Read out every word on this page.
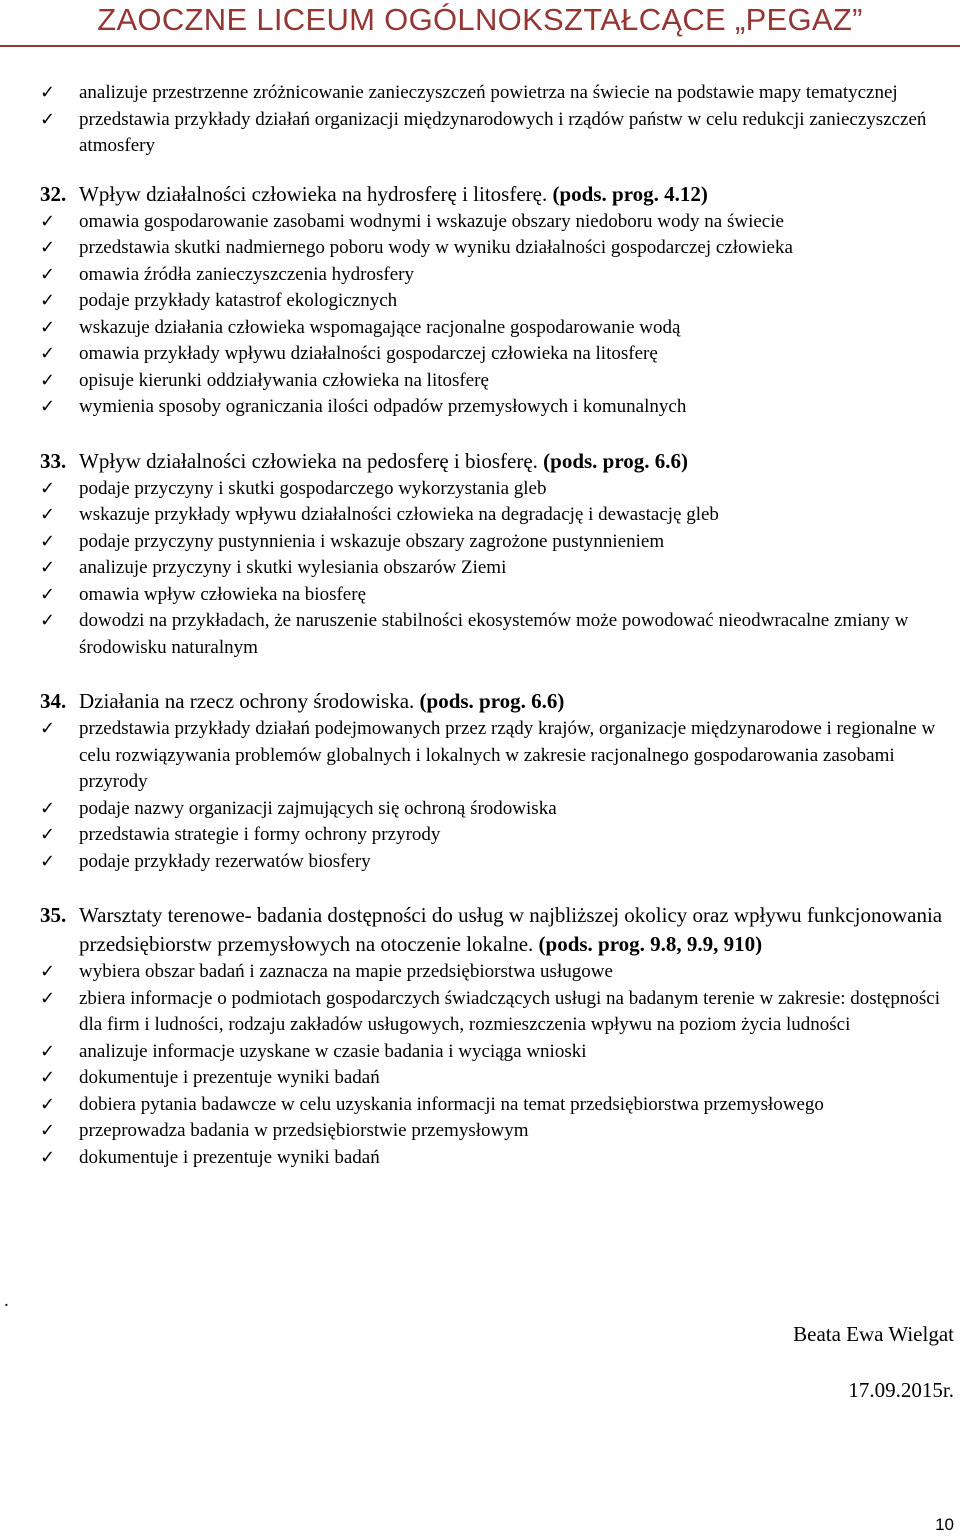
ZAOCZNE LICEUM OGÓLNOKSZTAŁCĄCE „PEGAZ”
✓ analizuje przestrzenne zróżnicowanie zanieczyszczeń powietrza na świecie na podstawie mapy tematycznej
✓ przedstawia przykłady działań organizacji międzynarodowych i rządów państw w celu redukcji zanieczyszczeń atmosfery
32. Wpływ działalności człowieka na hydrosferę i litosferę. (pods. prog. 4.12)
✓ omawia gospodarowanie zasobami wodnymi i wskazuje obszary niedoboru wody na świecie
✓ przedstawia skutki nadmiernego poboru wody w wyniku działalności gospodarczej człowieka
✓ omawia źródła zanieczyszczenia hydrosfery
✓ podaje przykłady katastrof ekologicznych
✓ wskazuje działania człowieka wspomagające racjonalne gospodarowanie wodą
✓ omawia przykłady wpływu działalności gospodarczej człowieka na litosferę
✓ opisuje kierunki oddziaływania człowieka na litosferę
✓ wymienia sposoby ograniczania ilości odpadów przemysłowych i komunalnych
33. Wpływ działalności człowieka na pedosferę i biosferę. (pods. prog. 6.6)
✓ podaje przyczyny i skutki gospodarczego wykorzystania gleb
✓ wskazuje przykłady wpływu działalności człowieka na degradację i dewastację gleb
✓ podaje przyczyny pustynnienia i wskazuje obszary zagrożone pustynnieniem
✓ analizuje przyczyny i skutki wylesiania obszarów Ziemi
✓ omawia wpływ człowieka na biosferę
✓ dowodzi na przykładach, że naruszenie stabilności ekosystemów może powodować nieodwracalne zmiany w środowisku naturalnym
34. Działania na rzecz ochrony środowiska. (pods. prog. 6.6)
✓ przedstawia przykłady działań podejmowanych przez rządy krajów, organizacje międzynarodowe i regionalne w celu rozwiązywania problemów globalnych i lokalnych w zakresie racjonalnego gospodarowania zasobami przyrody
✓ podaje nazwy organizacji zajmujących się ochroną środowiska
✓ przedstawia strategie i formy ochrony przyrody
✓ podaje przykłady rezerwatów biosfery
35. Warsztaty terenowe- badania dostępności do usług w najbliższej okolicy oraz wpływu funkcjonowania przedsiębiorstw przemysłowych na otoczenie lokalne. (pods. prog. 9.8, 9.9, 910)
✓ wybiera obszar badań i zaznacza na mapie przedsiębiorstwa usługowe
✓ zbiera informacje o podmiotach gospodarczych świadczących usługi na badanym terenie w zakresie: dostępności dla firm i ludności, rodzaju zakładów usługowych, rozmieszczenia wpływu na poziom życia ludności
✓ analizuje informacje uzyskane w czasie badania i wyciąga wnioski
✓ dokumentuje i prezentuje wyniki badań
✓ dobiera pytania badawcze w celu uzyskania informacji na temat przedsiębiorstwa przemysłowego
✓ przeprowadza badania w przedsiębiorstwie przemysłowym
✓ dokumentuje i prezentuje wyniki badań
.
Beata Ewa Wielgat
17.09.2015r.
10
